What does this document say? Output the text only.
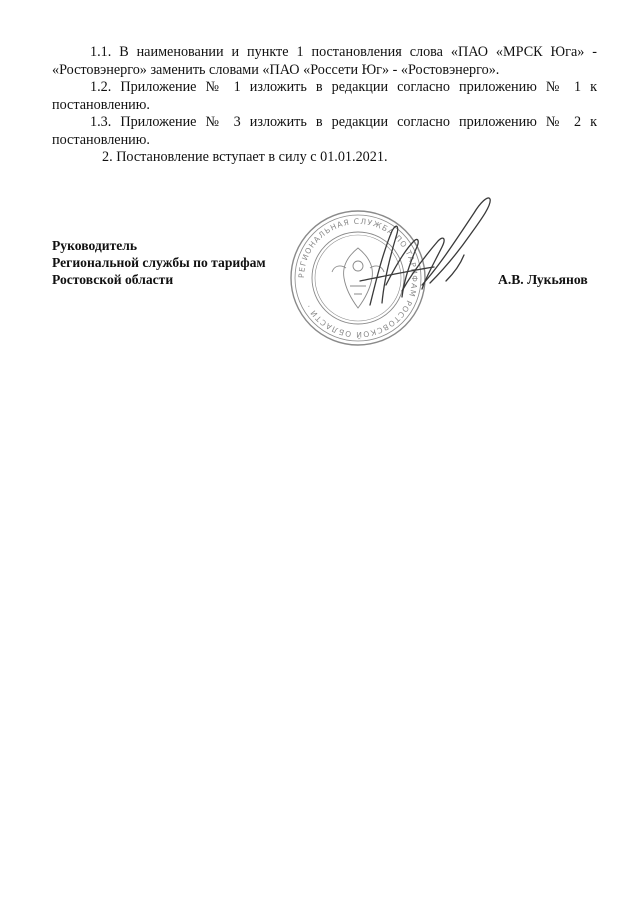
1.1. В наименовании и пункте 1 постановления слова «ПАО «МРСК Юга» - «Ростовэнерго» заменить словами «ПАО «Россети Юг» - «Ростовэнерго».

1.2. Приложение № 1 изложить в редакции согласно приложению № 1 к постановлению.

1.3. Приложение № 3 изложить в редакции согласно приложению № 2 к постановлению.

2. Постановление вступает в силу с 01.01.2021.

РЕГИОНАЛЬНАЯ СЛУЖБА ПО ТАРИФАМ РОСТОВСКОЙ ОБЛАСТИ ·
Руководитель
Региональной службы по тарифам
Ростовской области	А.В. Лукьянов
